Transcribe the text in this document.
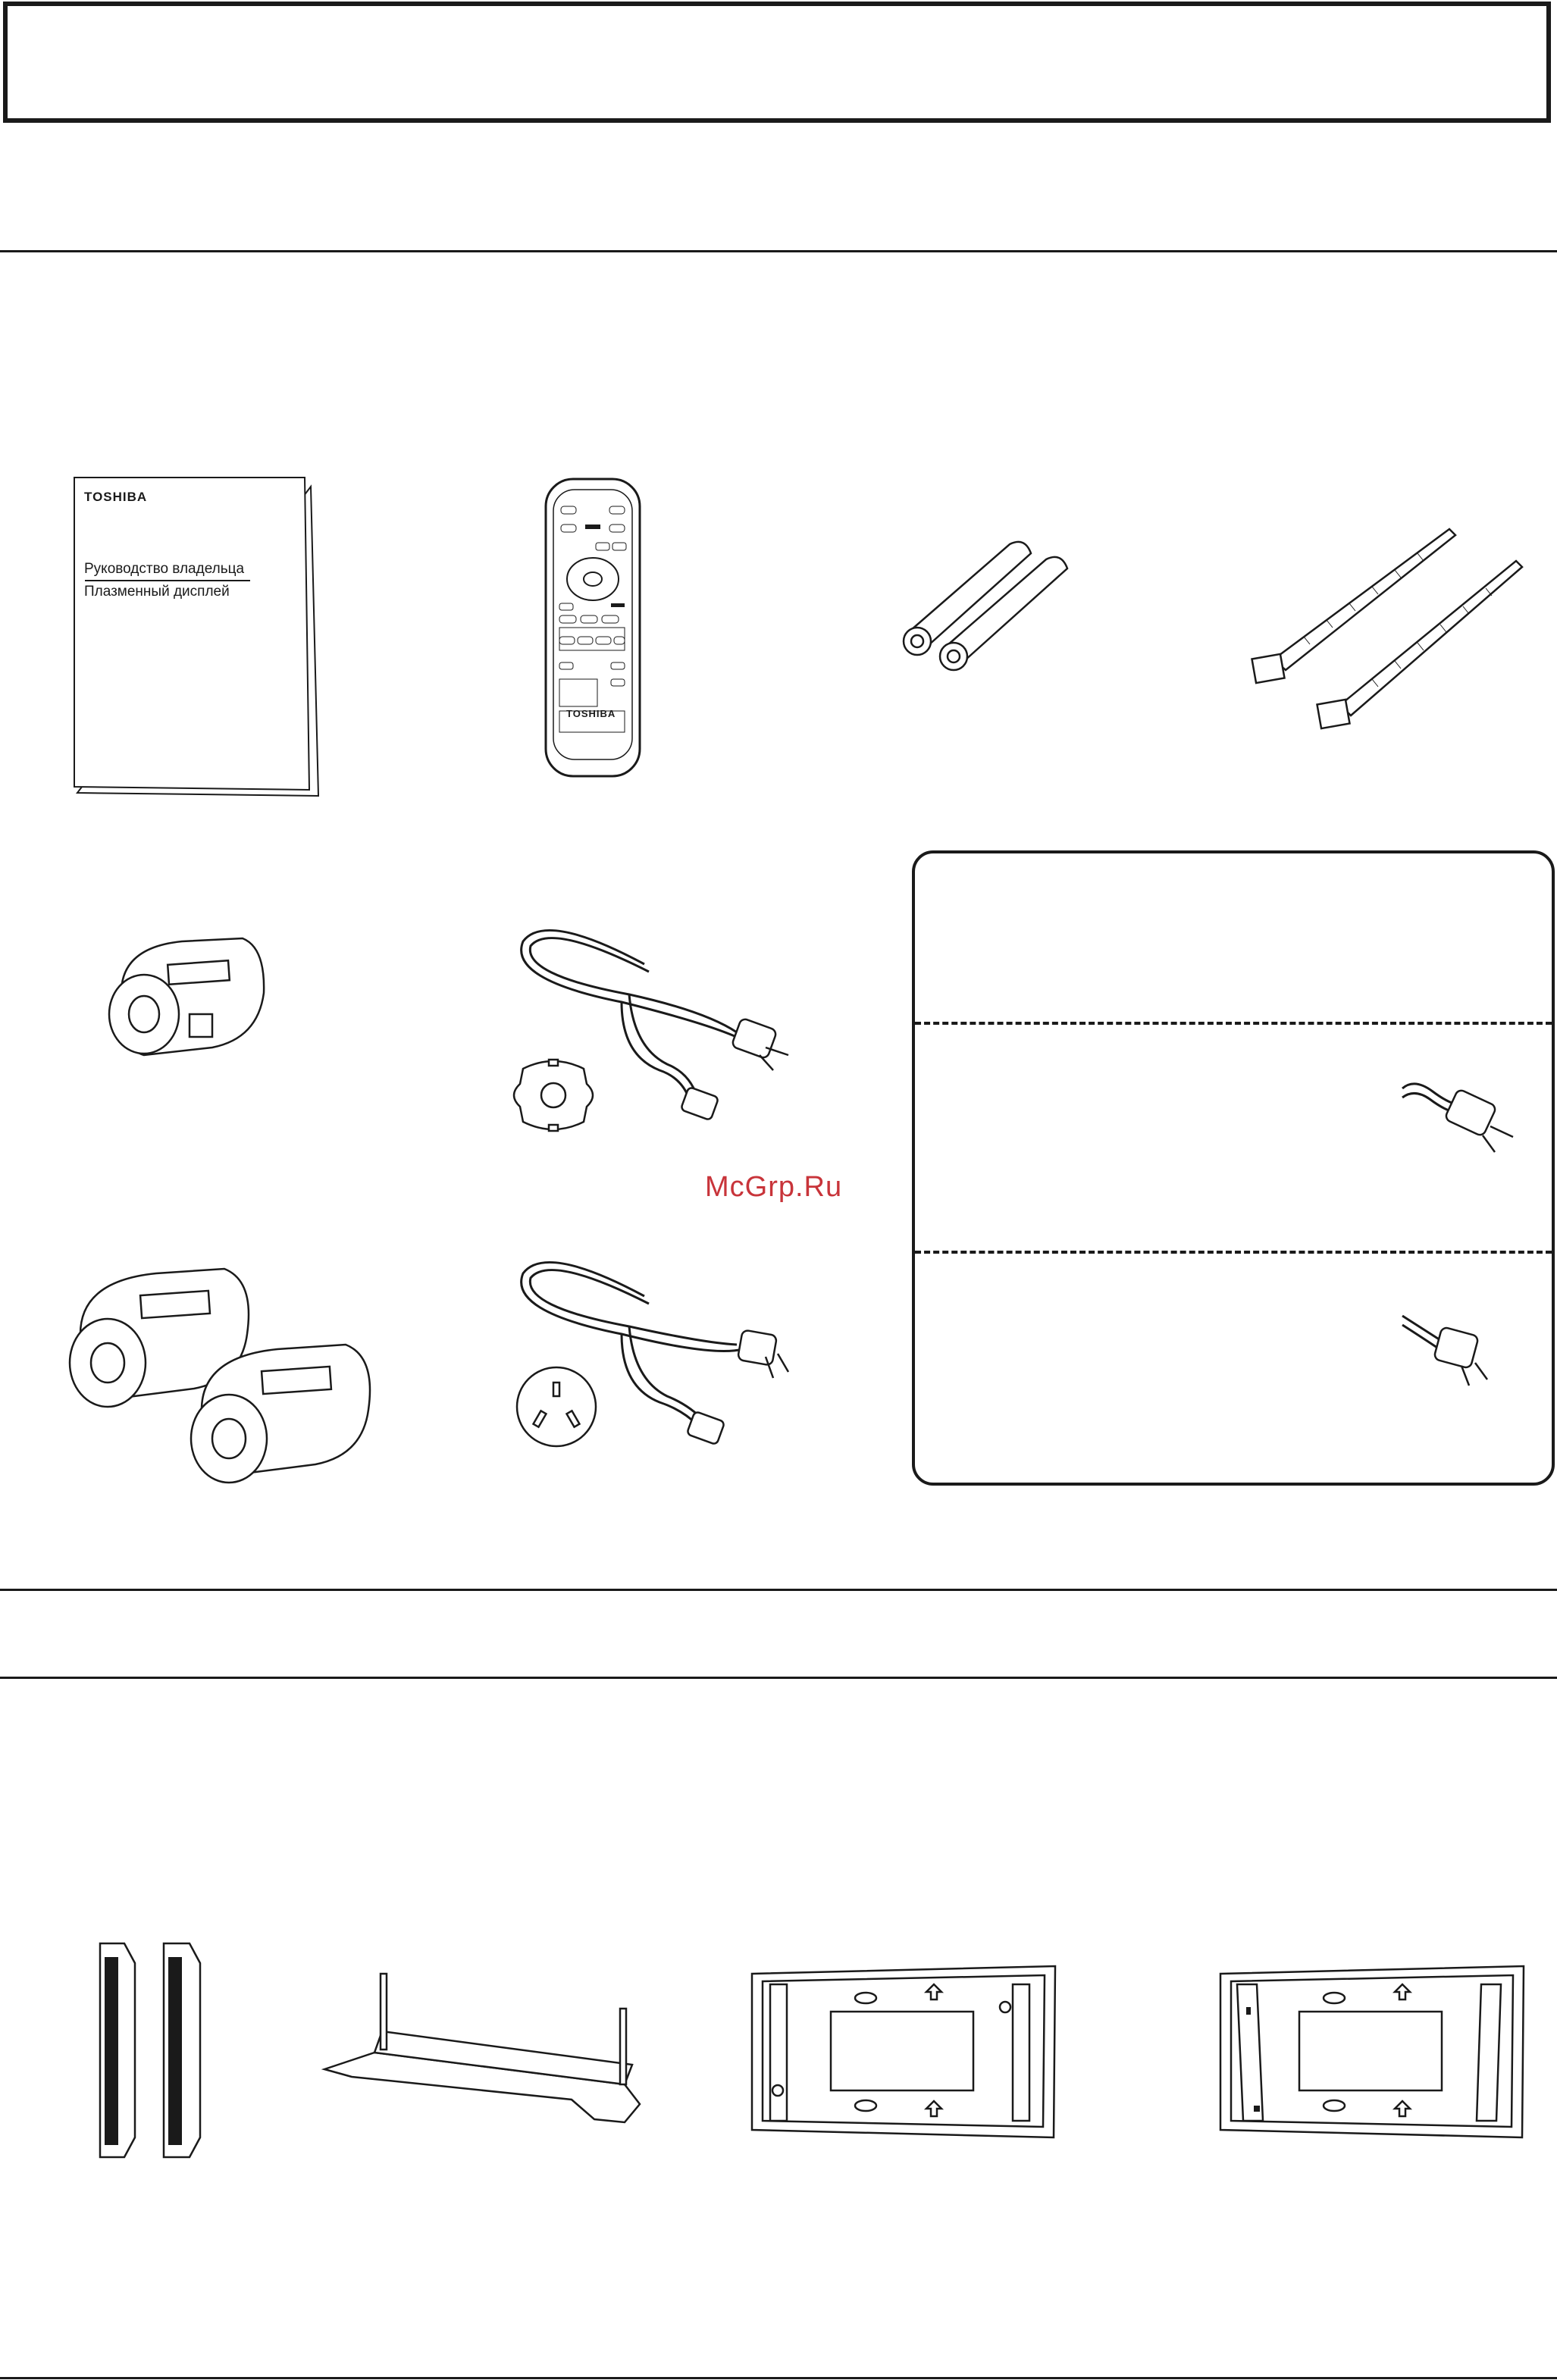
TOSHIBA
Руководство владельца
Плазменный дисплей
TOSHIBA
McGrp.Ru
